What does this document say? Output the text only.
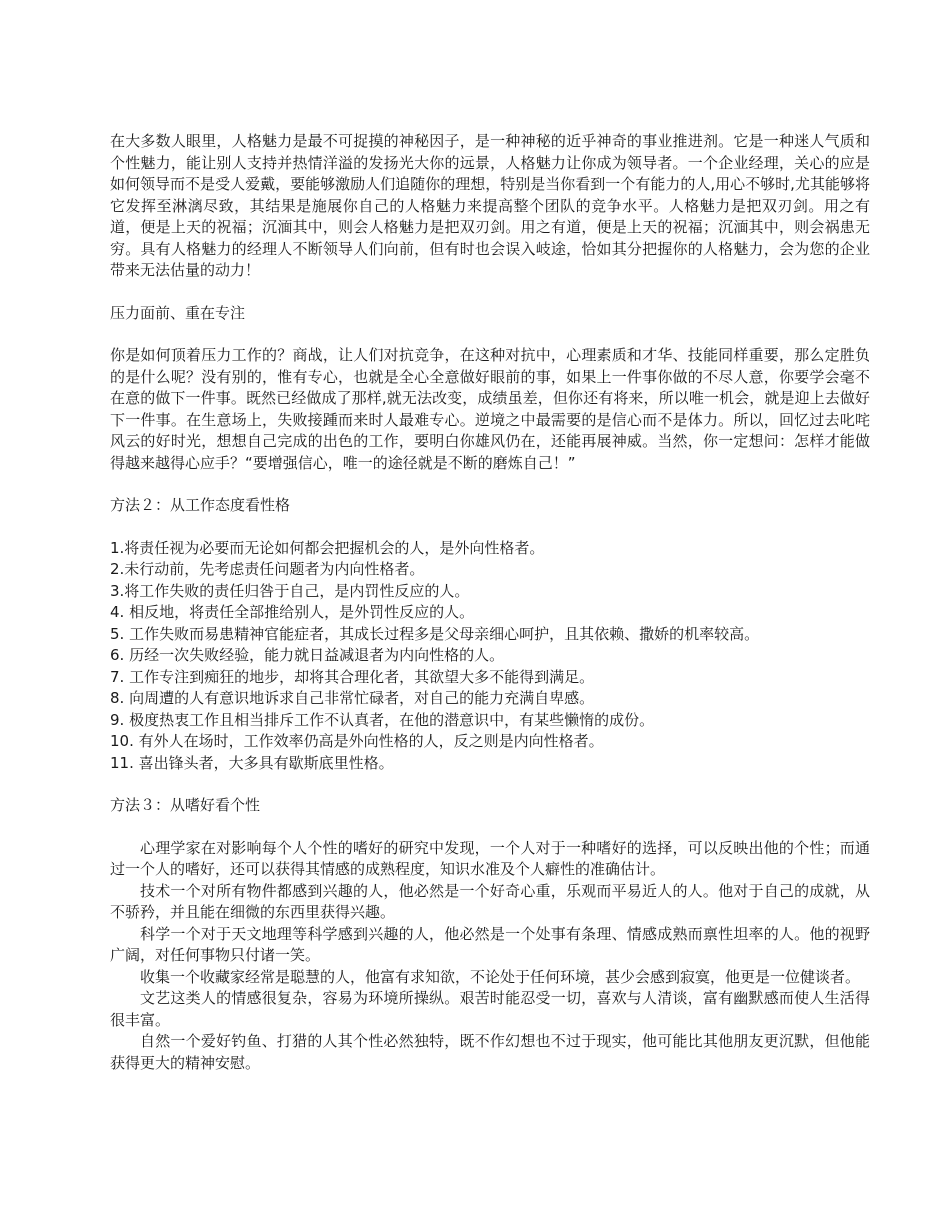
在大多数人眼里，人格魅力是最不可捉摸的神秘因子，是一种神秘的近乎神奇的事业推进剂。它是一种迷人气质和个性魅力，能让别人支持并热情洋溢的发扬光大你的远景，人格魅力让你成为领导者。一个企业经理，关心的应是如何领导而不是受人爱戴，要能够激励人们追随你的理想，特别是当你看到一个有能力的人,用心不够时,尤其能够将它发挥至淋漓尽致，其结果是施展你自己的人格魅力来提高整个团队的竞争水平。人格魅力是把双刃剑。用之有道，便是上天的祝福；沉湎其中，则会人格魅力是把双刃剑。用之有道，便是上天的祝福；沉湎其中，则会祸患无穷。具有人格魅力的经理人不断领导人们向前，但有时也会误入岐途，恰如其分把握你的人格魅力，会为您的企业带来无法估量的动力！

压力面前、重在专注

你是如何顶着压力工作的？商战，让人们对抗竞争，在这种对抗中，心理素质和才华、技能同样重要，那么定胜负的是什么呢？没有别的，惟有专心，也就是全心全意做好眼前的事，如果上一件事你做的不尽人意，你要学会毫不在意的做下一件事。既然已经做成了那样,就无法改变，成绩虽差，但你还有将来，所以唯一机会，就是迎上去做好下一件事。在生意场上，失败接踵而来时人最难专心。逆境之中最需要的是信心而不是体力。所以，回忆过去叱咤风云的好时光，想想自己完成的出色的工作，要明白你雄风仍在，还能再展神威。当然，你一定想问：怎样才能做得越来越得心应手？“要增强信心，唯一的途径就是不断的磨炼自己！”

方法２：从工作态度看性格

1.将责任视为必要而无论如何都会把握机会的人，是外向性格者。

2.未行动前，先考虑责任问题者为内向性格者。

3.将工作失败的责任归咎于自己，是内罚性反应的人。

4. 相反地，将责任全部推给别人，是外罚性反应的人。

5. 工作失败而易患精神官能症者，其成长过程多是父母亲细心呵护，且其依赖、撒娇的机率较高。

6. 历经一次失败经验，能力就日益减退者为内向性格的人。

7. 工作专注到痴狂的地步，却将其合理化者，其欲望大多不能得到满足。

8. 向周遭的人有意识地诉求自己非常忙碌者，对自己的能力充满自卑感。

9. 极度热衷工作且相当排斥工作不认真者，在他的潜意识中，有某些懒惰的成份。

10. 有外人在场时，工作效率仍高是外向性格的人，反之则是内向性格者。

11. 喜出锋头者，大多具有歇斯底里性格。

方法３：从嗜好看个性

心理学家在对影响每个人个性的嗜好的研究中发现，一个人对于一种嗜好的选择，可以反映出他的个性；而通过一个人的嗜好，还可以获得其情感的成熟程度，知识水准及个人癖性的准确估计。

技术一个对所有物件都感到兴趣的人，他必然是一个好奇心重，乐观而平易近人的人。他对于自己的成就，从不骄矜，并且能在细微的东西里获得兴趣。

科学一个对于天文地理等科学感到兴趣的人，他必然是一个处事有条理、情感成熟而禀性坦率的人。他的视野广阔，对任何事物只付诸一笑。

收集一个收藏家经常是聪慧的人，他富有求知欲，不论处于任何环境，甚少会感到寂寞，他更是一位健谈者。

文艺这类人的情感很复杂，容易为环境所操纵。艰苦时能忍受一切，喜欢与人清谈，富有幽默感而使人生活得很丰富。

自然一个爱好钓鱼、打猎的人其个性必然独特，既不作幻想也不过于现实，他可能比其他朋友更沉默，但他能获得更大的精神安慰。
